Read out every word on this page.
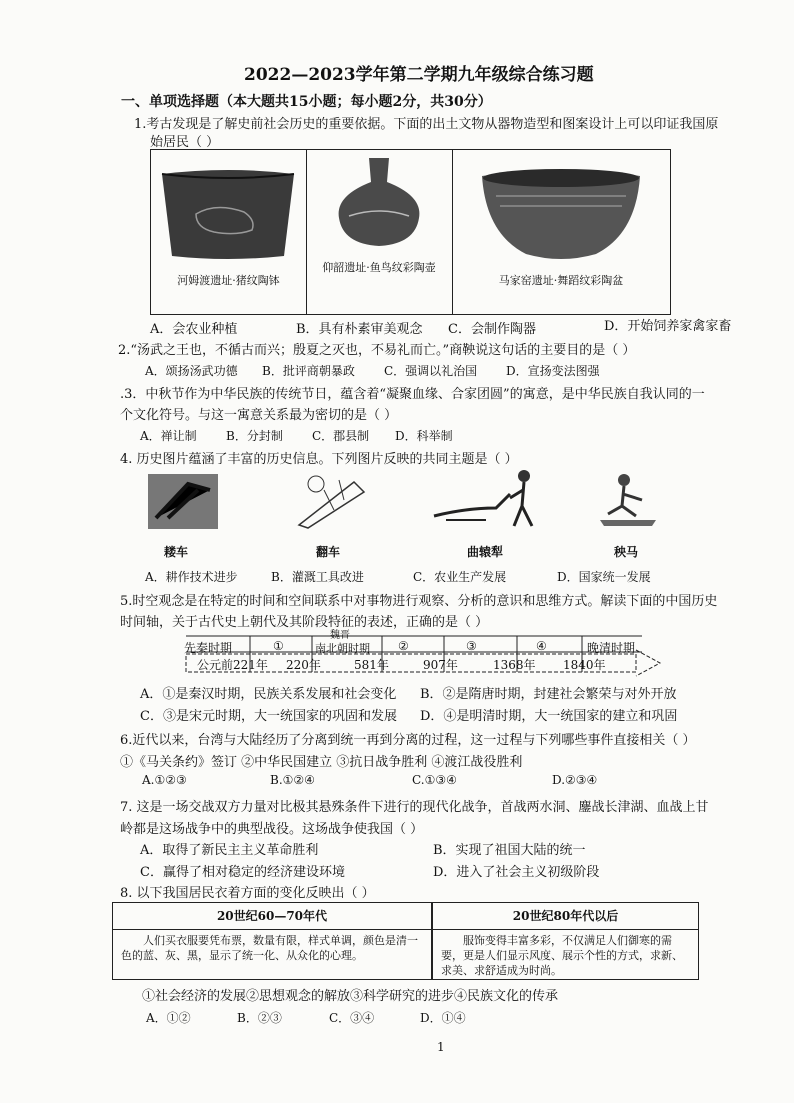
2022—2023学年第二学期九年级综合练习题
一、单项选择题（本大题共15小题；每小题2分，共30分）
1.考古发现是了解史前社会历史的重要依据。下面的出土文物从器物造型和图案设计上可以印证我国原
始居民（ ）
河姆渡遗址·猪纹陶钵
仰韶遗址·鱼鸟纹彩陶壶
马家窑遗址·舞蹈纹彩陶盆
A．会农业种植	B．具有朴素审美观念 C．会制作陶器	D．开始饲养家禽家畜
2.“汤武之王也，不循古而兴；殷夏之灭也，不易礼而亡。”商鞅说这句话的主要目的是（ ）
A．颂扬汤武功德 B．批评商朝暴政 C．强调以礼治国 D．宣扬变法图强
.3．中秋节作为中华民族的传统节日，蕴含着“凝聚血缘、合家团圆”的寓意，是中华民族自我认同的一
个文化符号。与这一寓意关系最为密切的是（ ）
A．禅让制 B．分封制 C．郡县制 D．科举制
4. 历史图片蕴涵了丰富的历史信息。下列图片反映的共同主题是（ ）
耧车	翻车	曲辕犁	秧马
A．耕作技术进步	B．灌溉工具改进	C．农业生产发展	D．国家统一发展
5.时空观念是在特定的时间和空间联系中对事物进行观察、分析的意识和思维方式。解读下面的中国历史
时间轴，关于古代史上朝代及其阶段特征的表述，正确的是（ ）
先秦时期	①
魏晋
南北朝时期 ②	③	④	晚清时期
公元前221年 220年	581年	907年	1368年 1840年
A．①是秦汉时期，民族关系发展和社会变化 B．②是隋唐时期，封建社会繁荣与对外开放
C．③是宋元时期，大一统国家的巩固和发展 D．④是明清时期，大一统国家的建立和巩固
6.近代以来，台湾与大陆经历了分离到统一再到分离的过程，这一过程与下列哪些事件直接相关（ ）
①《马关条约》签订 ②中华民国建立 ③抗日战争胜利 ④渡江战役胜利
A.①②③	B.①②④	C.①③④	D.②③④
7. 这是一场交战双方力量对比极其悬殊条件下进行的现代化战争，首战两水洞、鏖战长津湖、血战上甘
岭都是这场战争中的典型战役。这场战争使我国（ ）
A．取得了新民主主义革命胜利	B．实现了祖国大陆的统一
C．赢得了相对稳定的经济建设环境	D．进入了社会主义初级阶段
8. 以下我国居民衣着方面的变化反映出（ ）
20世纪60—70年代	20世纪80年代以后
人们买衣服要凭布票，数量有限，样式单调，颜色是清一色的蓝、灰、黑，显示了统一化、从众化的心理。
服饰变得丰富多彩，不仅满足人们御寒的需要，更是人们显示风度、展示个性的方式，求新、求美、求舒适成为时尚。
①社会经济的发展②思想观念的解放③科学研究的进步④民族文化的传承
A．①②	B．②③	C．③④	D．①④
1
